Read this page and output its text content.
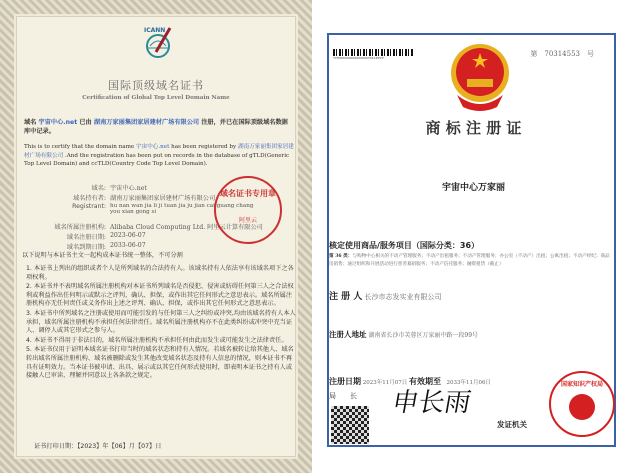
ICANN
国际顶级域名证书
Certification of Global Top Level Domain Name
域名 宇宙中心.net 已由 湖南万家丽集团家居建材广场有限公司 注册，并已在国际顶级域名数据库中记录。
This is to certify that the domain name 宇宙中心.net has been registered by 湖南万家丽集团家居建材广场有限公司 .And the registration has been put on records in the database of gTLD(Generic Top Level Domain) and ccTLD(Country Code Top Level Domain).
域名: 宇宙中心.net
域名持有者: 湖南万家丽集团家居建材广场有限公司
Registrant: hu nan wan jia li ji tuan jia ju jian cai guang chang you xian gong si
域名所属注册机构: Alibaba Cloud Computing Ltd. 阿里云计算有限公司
域名注册日期: 2023-06-07
域名到期日期: 2033-06-07
域名证书专用章
阿里云
以下说明与本证书主文一起构成本证书统一整体，不可分割
1. 本证书上列出的组织或者个人是所列域名的合法持有人。该域名持有人依法享有该域名项下之各项权利。
2. 本证书并不表明域名所属注册机构对本证书所列域名是否侵犯、侵害或妨碍任何第三人之合法权利或利益作出任何明示或默示之评判、确认、担保，或作出其它任何形式之意思表示。域名所属注册机构亦无任何责任或义务作出上述之评判、确认、担保，或作出其它任何形式之意思表示。
3. 本证书中所列域名之注册或使用而可能引发的与任何第三人之纠纷或冲突,均由该域名持有人本人承担，域名所属注册机构不承担任何法律责任。域名所属注册机构亦不在此类纠纷或冲突中充当证人、调停人或其它形式之参与人。
4. 本证书不得用于非法目的，域名所属注册机构不承担任何由此而发生或可能发生之法律责任。
5. 本证书仅用于证明本域名证书打印当时的域名状态和持有人情况。若域名被转让给其他人、域名转出域名所属注册机构、域名被删除或发生其他改变域名状态及持有人信息的情况，则本证书不再具有证明效力。当本证书被申请、出具、展示或以其它任何形式使用时，即表明本证书之持有人或接触人已审读、理解并同意以上各条款之规定。
证书打印日期：【2023】年【06】月【07】日
*0TMZ000000000000070314553*	第　 70314553　 号
商 标 注 册 证
宇宙中心万家丽
核定使用商品/服务项目（国际分类：36）
第 36 类：与购物中心相关的不动产管理服务；不动产出租服务；不动产管理服务；办公室（不动产）出租；公寓出租；不动产经纪；商品房销售；通过组织和开展活动进行慈善募捐服务；不动产信托服务；融资租赁（截止）
注 册 人 长沙市志发实业有限公司
注册人地址 湖南省长沙市芙蓉区万家丽中路一段99号
注册日期 2023年11月07日 有效期至　 2033年11月06日
局　　长 申长雨
发证机关
国家知识产权局
